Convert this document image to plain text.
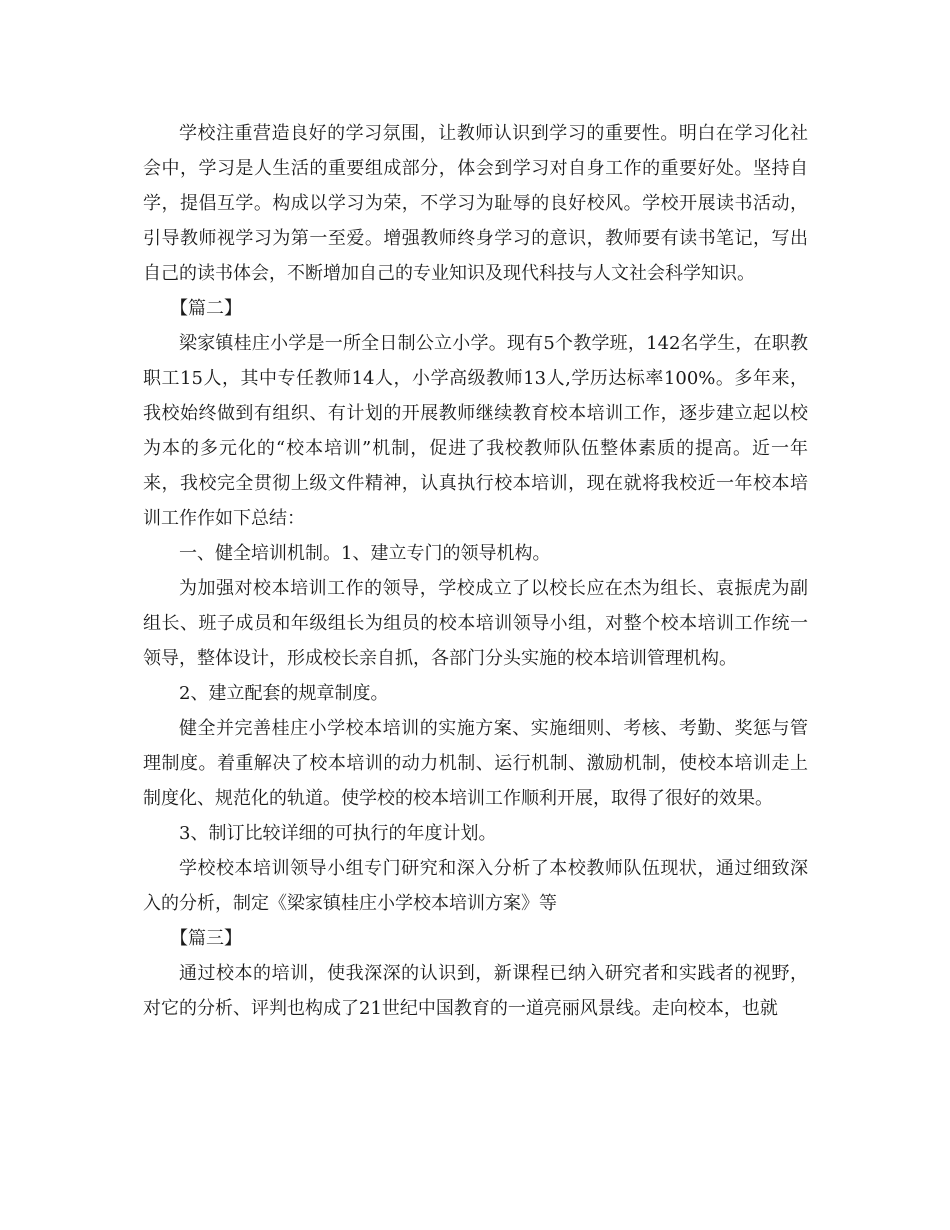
学校注重营造良好的学习氛围，让教师认识到学习的重要性。明白在学习化社会中，学习是人生活的重要组成部分，体会到学习对自身工作的重要好处。坚持自学，提倡互学。构成以学习为荣，不学习为耻辱的良好校风。学校开展读书活动，引导教师视学习为第一至爱。增强教师终身学习的意识，教师要有读书笔记，写出自己的读书体会，不断增加自己的专业知识及现代科技与人文社会科学知识。

【篇二】

梁家镇桂庄小学是一所全日制公立小学。现有5个教学班，142名学生，在职教职工15人，其中专任教师14人，小学高级教师13人,学历达标率100%。多年来，我校始终做到有组织、有计划的开展教师继续教育校本培训工作，逐步建立起以校为本的多元化的“校本培训”机制，促进了我校教师队伍整体素质的提高。近一年来，我校完全贯彻上级文件精神，认真执行校本培训，现在就将我校近一年校本培训工作作如下总结：

一、健全培训机制。1、建立专门的领导机构。

为加强对校本培训工作的领导，学校成立了以校长应在杰为组长、袁振虎为副组长、班子成员和年级组长为组员的校本培训领导小组，对整个校本培训工作统一领导，整体设计，形成校长亲自抓，各部门分头实施的校本培训管理机构。

2、建立配套的规章制度。

健全并完善桂庄小学校本培训的实施方案、实施细则、考核、考勤、奖惩与管理制度。着重解决了校本培训的动力机制、运行机制、激励机制，使校本培训走上制度化、规范化的轨道。使学校的校本培训工作顺利开展，取得了很好的效果。

3、制订比较详细的可执行的年度计划。

学校校本培训领导小组专门研究和深入分析了本校教师队伍现状，通过细致深入的分析，制定《梁家镇桂庄小学校本培训方案》等

【篇三】

通过校本的培训，使我深深的认识到，新课程已纳入研究者和实践者的视野，对它的分析、评判也构成了21世纪中国教育的一道亮丽风景线。走向校本，也就
